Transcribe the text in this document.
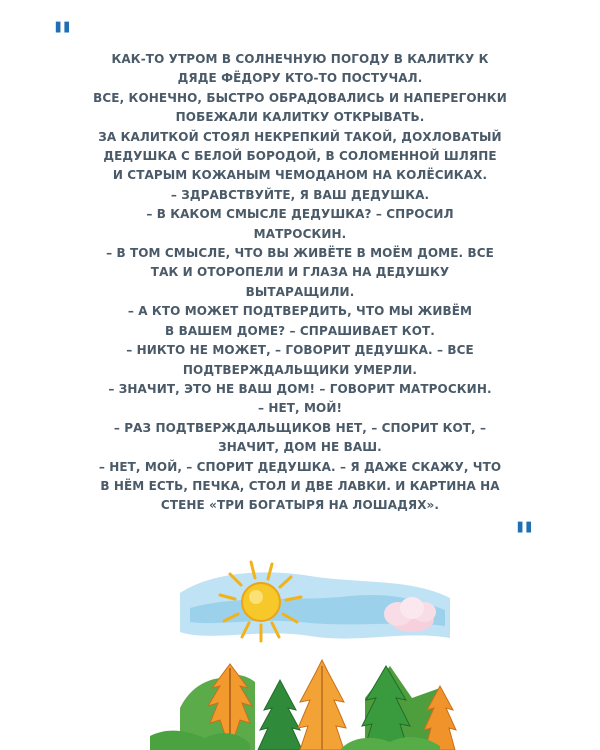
"	КАК-ТО УТРОМ В СОЛНЕЧНУЮ ПОГОДУ В КАЛИТКУ К
ДЯДЕ ФЁДОРУ КТО-ТО ПОСТУЧАЛ.
ВСЕ, КОНЕЧНО, БЫСТРО ОБРАДОВАЛИСЬ И НАПЕРЕГОНКИ
ПОБЕЖАЛИ КАЛИТКУ ОТКРЫВАТЬ.
ЗА КАЛИТКОЙ СТОЯЛ НЕКРЕПКИЙ ТАКОЙ, ДОХЛОВАТЫЙ
ДЕДУШКА С БЕЛОЙ БОРОДОЙ, В СОЛОМЕННОЙ ШЛЯПЕ
И СТАРЫМ КОЖАНЫМ ЧЕМОДАНОМ НА КОЛЁСИКАХ.
– ЗДРАВСТВУЙТЕ, Я ВАШ ДЕДУШКА.
– В КАКОМ СМЫСЛЕ ДЕДУШКА? – СПРОСИЛ
МАТРОСКИН.
– В ТОМ СМЫСЛЕ, ЧТО ВЫ ЖИВЁТЕ В МОЁМ ДОМЕ. ВСЕ
ТАК И ОТОРОПЕЛИ И ГЛАЗА НА ДЕДУШКУ
ВЫТАРАЩИЛИ.
– А КТО МОЖЕТ ПОДТВЕРДИТЬ, ЧТО МЫ ЖИВЁМ
В ВАШЕМ ДОМЕ? – СПРАШИВАЕТ КОТ.
– НИКТО НЕ МОЖЕТ, – ГОВОРИТ ДЕДУШКА. – ВСЕ
ПОДТВЕРЖДАЛЬЩИКИ УМЕРЛИ.
– ЗНАЧИТ, ЭТО НЕ ВАШ ДОМ! – ГОВОРИТ МАТРОСКИН.
– НЕТ, МОЙ!
– РАЗ ПОДТВЕРЖДАЛЬЩИКОВ НЕТ, – СПОРИТ КОТ, –
ЗНАЧИТ, ДОМ НЕ ВАШ.
– НЕТ, МОЙ, – СПОРИТ ДЕДУШКА. – Я ДАЖЕ СКАЖУ, ЧТО
В НЁМ ЕСТЬ, ПЕЧКА, СТОЛ И ДВЕ ЛАВКИ. И КАРТИНА НА
СТЕНЕ «ТРИ БОГАТЫРЯ НА ЛОШАДЯХ».
"
